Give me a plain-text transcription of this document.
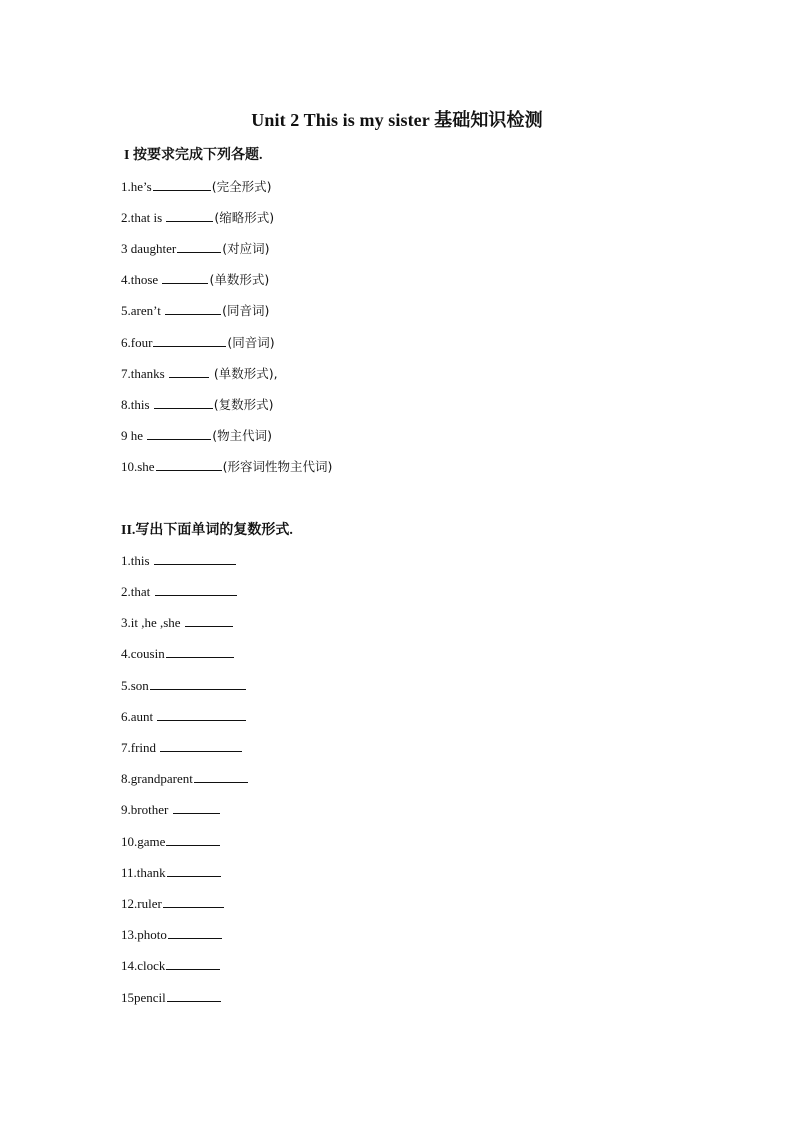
Unit 2 This is my sister 基础知识检测
I 按要求完成下列各题.
1.he’s	(完全形式)
2.that is	(缩略形式)
3 daughter	(对应词)
4.those	(单数形式)
5.aren’t	(同音词)
6.four	(同音词)
7.thanks	(单数形式),
8.this	(复数形式)
9 he	(物主代词)
10.she	(形容词性物主代词)
II.写出下面单词的复数形式.
1.this
2.that
3.it ,he ,she
4.cousin
5.son
6.aunt
7.frind
8.grandparent
9.brother
10.game
11.thank
12.ruler
13.photo
14.clock
15pencil
